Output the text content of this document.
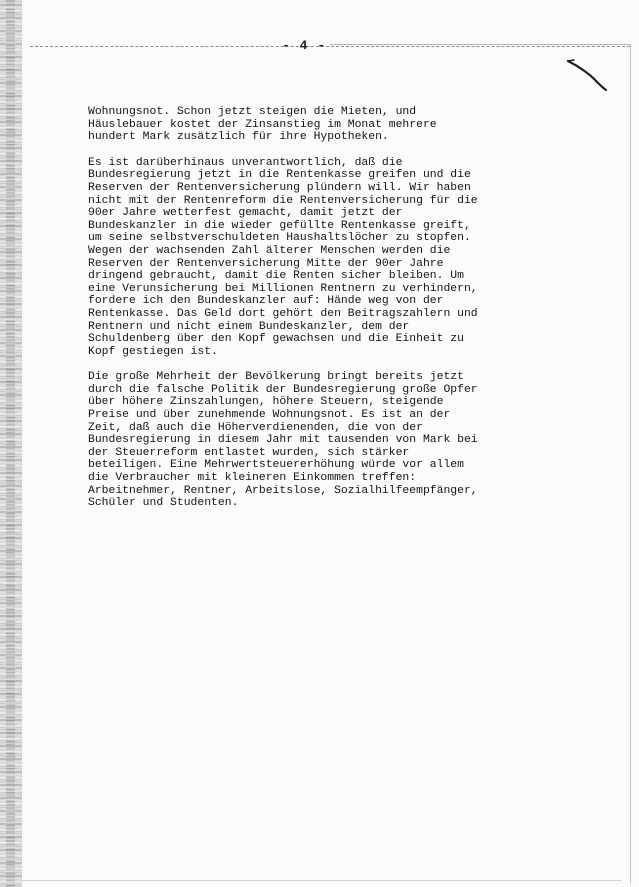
- 4 -

Wohnungsnot. Schon jetzt steigen die Mieten, und
Häuslebauer kostet der Zinsanstieg im Monat mehrere
hundert Mark zusätzlich für ihre Hypotheken.

Es ist darüberhinaus unverantwortlich, daß die
Bundesregierung jetzt in die Rentenkasse greifen und die
Reserven der Rentenversicherung plündern will. Wir haben
nicht mit der Rentenreform die Rentenversicherung für die
90er Jahre wetterfest gemacht, damit jetzt der
Bundeskanzler in die wieder gefüllte Rentenkasse greift,
um seine selbstverschuldeten Haushaltslöcher zu stopfen.
Wegen der wachsenden Zahl älterer Menschen werden die
Reserven der Rentenversicherung Mitte der 90er Jahre
dringend gebraucht, damit die Renten sicher bleiben. Um
eine Verunsicherung bei Millionen Rentnern zu verhindern,
fordere ich den Bundeskanzler auf: Hände weg von der
Rentenkasse. Das Geld dort gehört den Beitragszahlern und
Rentnern und nicht einem Bundeskanzler, dem der
Schuldenberg über den Kopf gewachsen und die Einheit zu
Kopf gestiegen ist.

Die große Mehrheit der Bevölkerung bringt bereits jetzt
durch die falsche Politik der Bundesregierung große Opfer
über höhere Zinszahlungen, höhere Steuern, steigende
Preise und über zunehmende Wohnungsnot. Es ist an der
Zeit, daß auch die Höherverdienenden, die von der
Bundesregierung in diesem Jahr mit tausenden von Mark bei
der Steuerreform entlastet wurden, sich stärker
beteiligen. Eine Mehrwertsteuererhöhung würde vor allem
die Verbraucher mit kleineren Einkommen treffen:
Arbeitnehmer, Rentner, Arbeitslose, Sozialhilfeempfänger,
Schüler und Studenten.
